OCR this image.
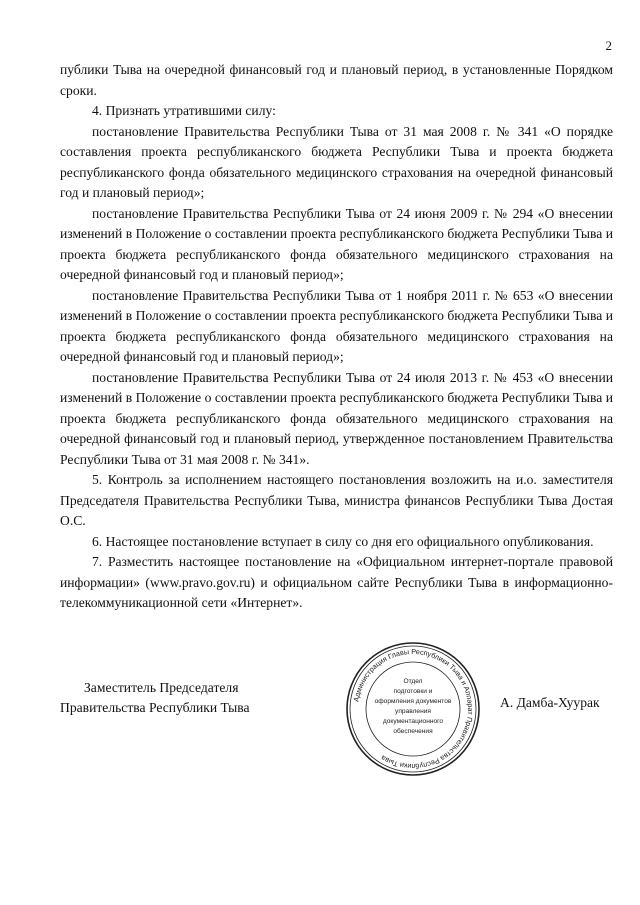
2

публики Тыва на очередной финансовый год и плановый период, в установленные Порядком сроки.

4. Признать утратившими силу:

постановление Правительства Республики Тыва от 31 мая 2008 г. № 341 «О порядке составления проекта республиканского бюджета Республики Тыва и проекта бюджета республиканского фонда обязательного медицинского страхования на очередной финансовый год и плановый период»;

постановление Правительства Республики Тыва от 24 июня 2009 г. № 294 «О внесении изменений в Положение о составлении проекта республиканского бюджета Республики Тыва и проекта бюджета республиканского фонда обязательного медицинского страхования на очередной финансовый год и плановый период»;

постановление Правительства Республики Тыва от 1 ноября 2011 г. № 653 «О внесении изменений в Положение о составлении проекта республиканского бюджета Республики Тыва и проекта бюджета республиканского фонда обязательного медицинского страхования на очередной финансовый год и плановый период»;

постановление Правительства Республики Тыва от 24 июля 2013 г. № 453 «О внесении изменений в Положение о составлении проекта республиканского бюджета Республики Тыва и проекта бюджета республиканского фонда обязательного медицинского страхования на очередной финансовый год и плановый период, утвержденное постановлением Правительства Республики Тыва от 31 мая 2008 г. № 341».

5. Контроль за исполнением настоящего постановления возложить на и.о. заместителя Председателя Правительства Республики Тыва, министра финансов Республики Тыва Достая О.С.

6. Настоящее постановление вступает в силу со дня его официального опубликования.

7. Разместить настоящее постановление на «Официальном интернет-портале правовой информации» (www.pravo.gov.ru) и официальном сайте Республики Тыва в информационно-телекоммуникационной сети «Интернет».

Заместитель Председателя
Правительства Республики Тыва
Администрация Главы Республики Тыва и Аппарат Правительства Республики Тыва
Отдел
подготовки и
оформления документов
управления
документационного
обеспечения
А. Дамба-Хуурак
